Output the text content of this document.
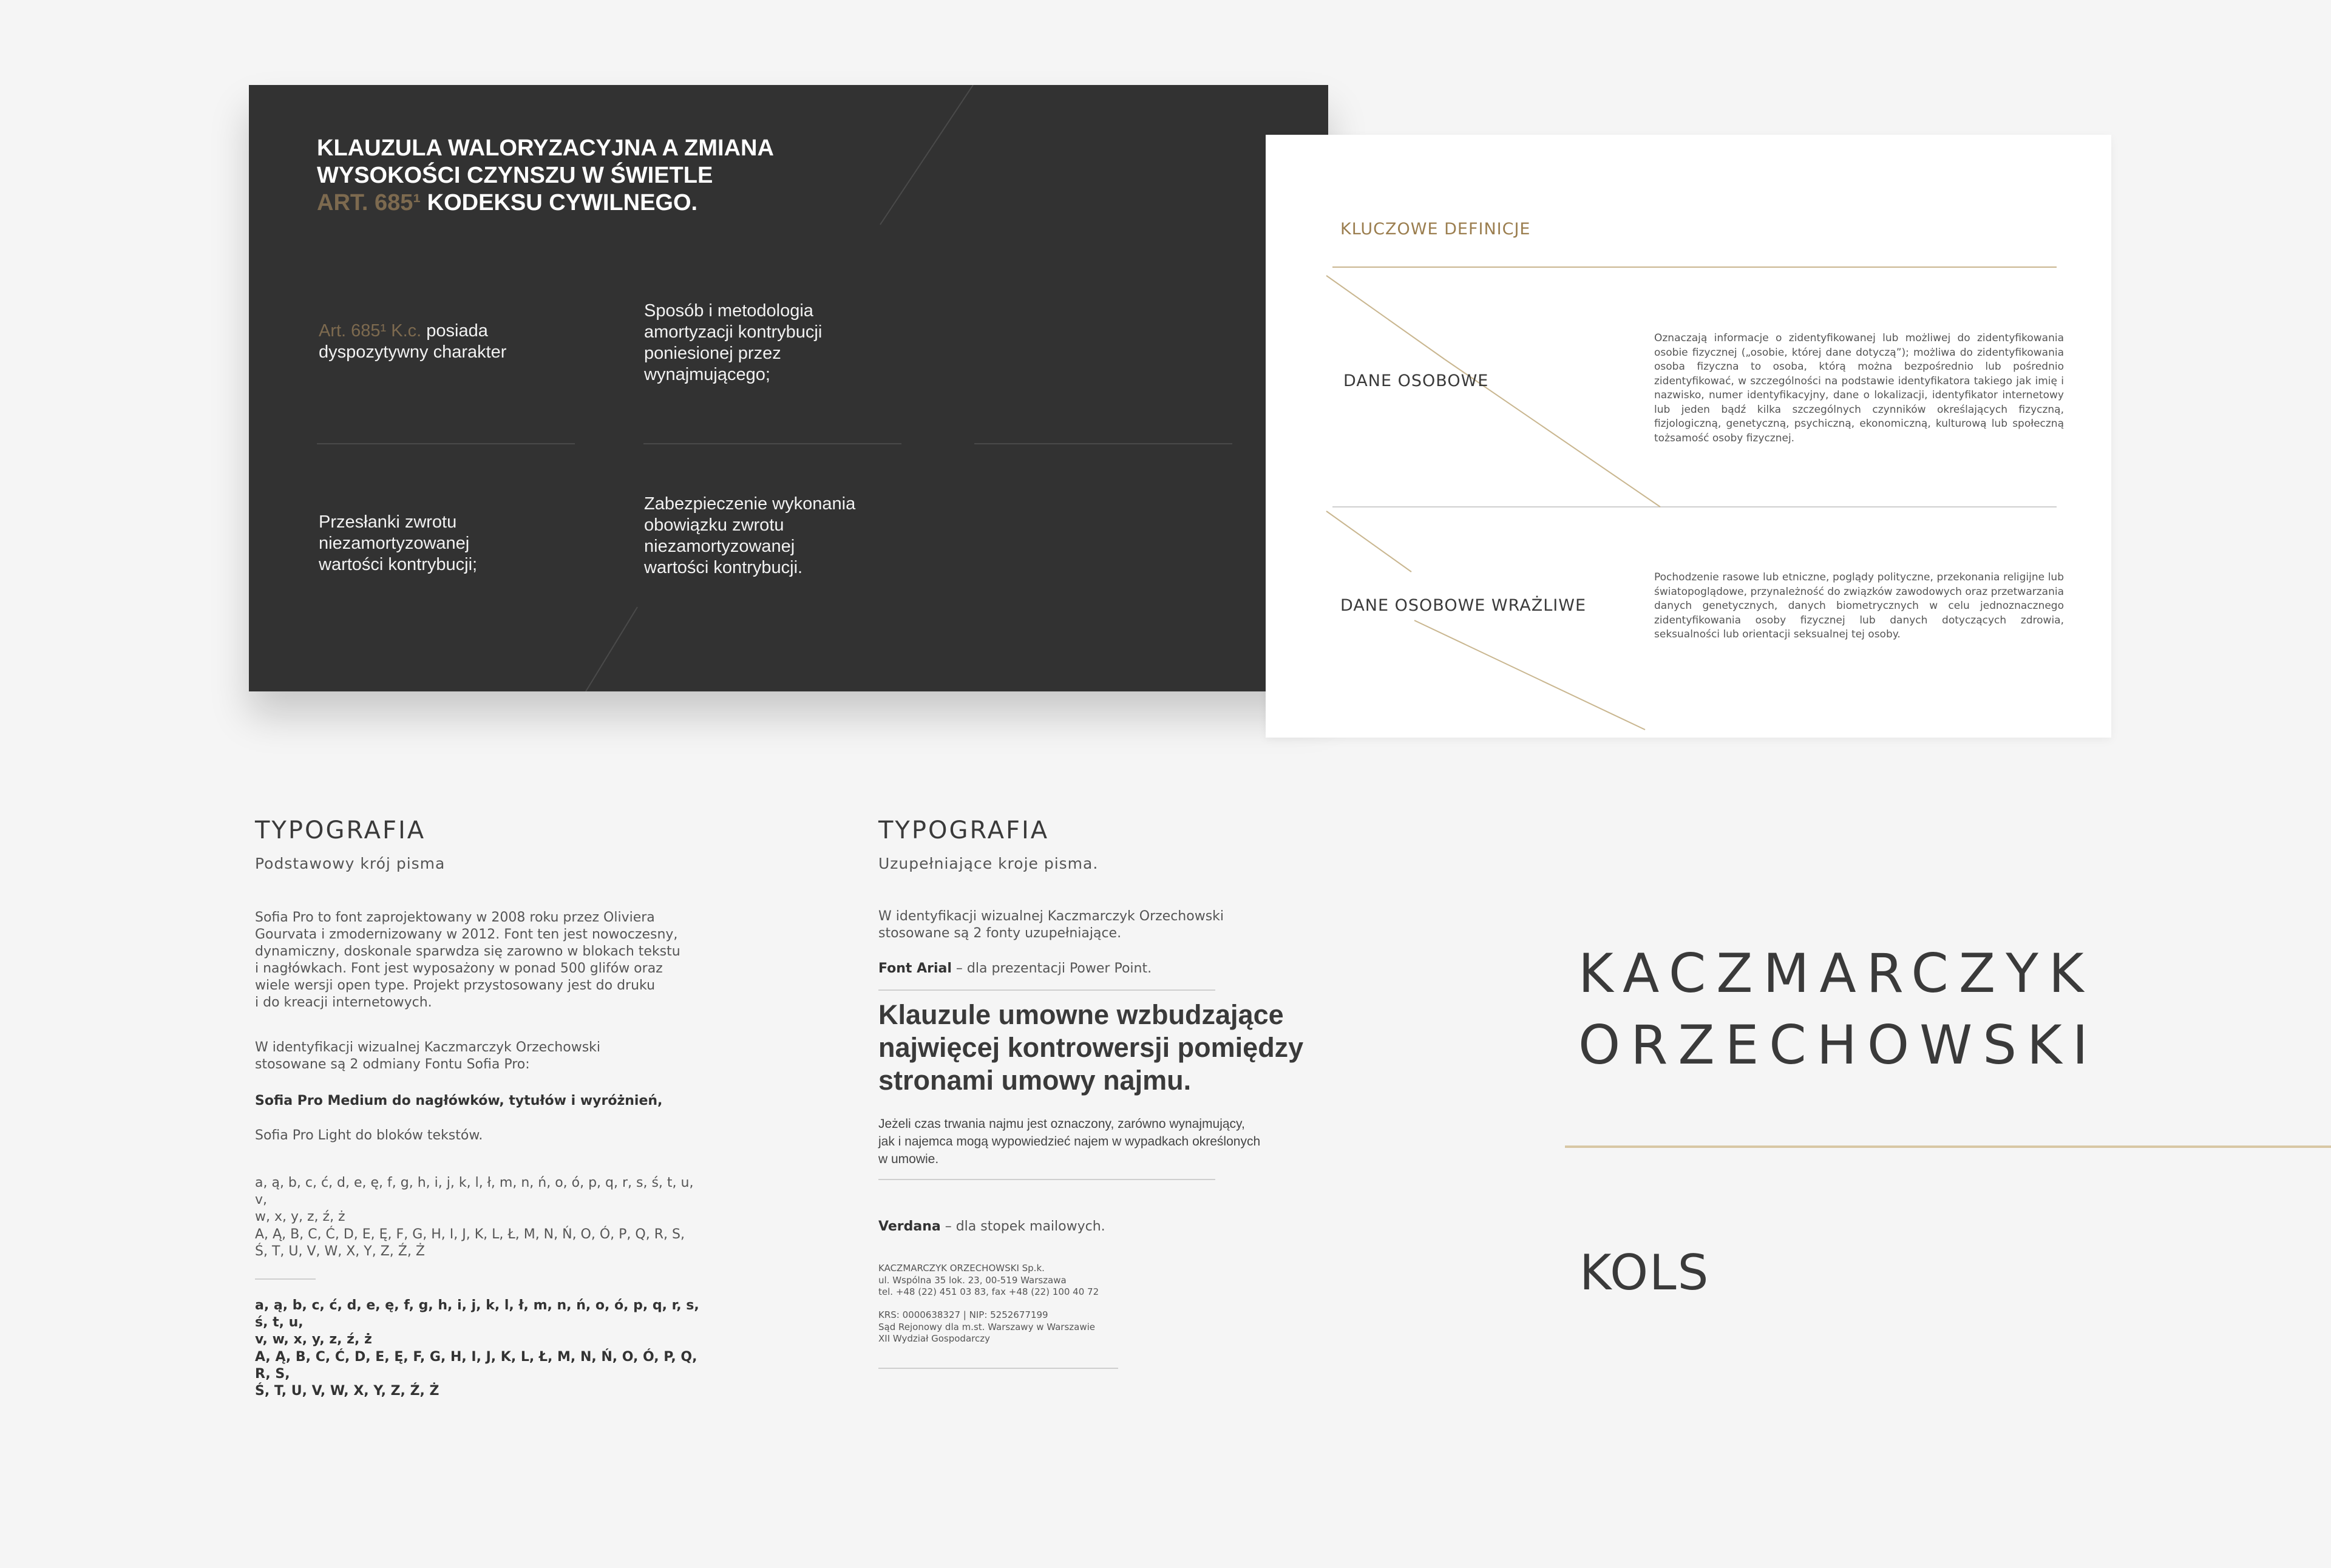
KLAUZULA WALORYZACYJNA A ZMIANA
WYSOKOŚCI CZYNSZU W ŚWIETLE
ART. 685¹ KODEKSU CYWILNEGO.
Art. 685¹ K.c. posiada
dyspozytywny charakter
Sposób i metodologia
amortyzacji kontrybucji
poniesionej przez
wynajmującego;
Przesłanki zwrotu
niezamortyzowanej
wartości kontrybucji;
Zabezpieczenie wykonania
obowiązku zwrotu
niezamortyzowanej
wartości kontrybucji.
KLUCZOWE DEFINICJE
DANE OSOBOWE
Oznaczają informacje o zidentyfikowanej lub możliwej do zidentyfikowania osobie fizycznej („osobie, której dane dotyczą”); możliwa do zidentyfikowania osoba fizyczna to osoba, którą można bezpośrednio lub pośrednio zidentyfikować, w szczególności na podstawie identyfikatora takiego jak imię i nazwisko, numer identyfikacyjny, dane o lokalizacji, identyfikator internetowy lub jeden bądź kilka szczególnych czynników określających fizyczną, fizjologiczną, genetyczną, psychiczną, ekonomiczną, kulturową lub społeczną tożsamość osoby fizycznej.
DANE OSOBOWE WRAŻLIWE
Pochodzenie rasowe lub etniczne, poglądy polityczne, przekonania religijne lub światopoglądowe, przynależność do związków zawodowych oraz przetwarzania danych genetycznych, danych biometrycznych w celu jednoznacznego zidentyfikowania osoby fizycznej lub danych dotyczących zdrowia, seksualności lub orientacji seksualnej tej osoby.
TYPOGRAFIA
Podstawowy krój pisma
Sofia Pro to font zaprojektowany w 2008 roku przez Oliviera
Gourvata i zmodernizowany w 2012. Font ten jest nowoczesny,
dynamiczny, doskonale sparwdza się zarowno w blokach tekstu
i nagłówkach. Font jest wyposażony w ponad 500 glifów oraz
wiele wersji open type. Projekt przystosowany jest do druku
i do kreacji internetowych.
W identyfikacji wizualnej Kaczmarczyk Orzechowski
stosowane są 2 odmiany Fontu Sofia Pro:
Sofia Pro Medium do nagłówków, tytułów i wyróżnień,
Sofia Pro Light do bloków tekstów.
a, ą, b, c, ć, d, e, ę, f, g, h, i, j, k, l, ł, m, n, ń, o, ó, p, q, r, s, ś, t, u, v,
w, x, y, z, ź, ż
A, Ą, B, C, Ć, D, E, Ę, F, G, H, I, J, K, L, Ł, M, N, Ń, O, Ó, P, Q, R, S,
Ś, T, U, V, W, X, Y, Z, Ź, Ż
a, ą, b, c, ć, d, e, ę, f, g, h, i, j, k, l, ł, m, n, ń, o, ó, p, q, r, s, ś, t, u,
v, w, x, y, z, ź, ż
A, Ą, B, C, Ć, D, E, Ę, F, G, H, I, J, K, L, Ł, M, N, Ń, O, Ó, P, Q, R, S,
Ś, T, U, V, W, X, Y, Z, Ź, Ż
TYPOGRAFIA
Uzupełniające kroje pisma.
W identyfikacji wizualnej Kaczmarczyk Orzechowski
stosowane są 2 fonty uzupełniające.
Font Arial – dla prezentacji Power Point.
Klauzule umowne wzbudzające
najwięcej kontrowersji pomiędzy
stronami umowy najmu.
Jeżeli czas trwania najmu jest oznaczony, zarówno wynajmujący,
jak i najemca mogą wypowiedzieć najem w wypadkach określonych
w umowie.
Verdana – dla stopek mailowych.
KACZMARCZYK ORZECHOWSKI Sp.k.
ul. Wspólna 35 lok. 23, 00-519 Warszawa
tel. +48 (22) 451 03 83, fax +48 (22) 100 40 72
KRS: 0000638327 | NIP: 5252677199
Sąd Rejonowy dla m.st. Warszawy w Warszawie
XII Wydział Gospodarczy
KACZMARCZYK
ORZECHOWSKI
KOLS
